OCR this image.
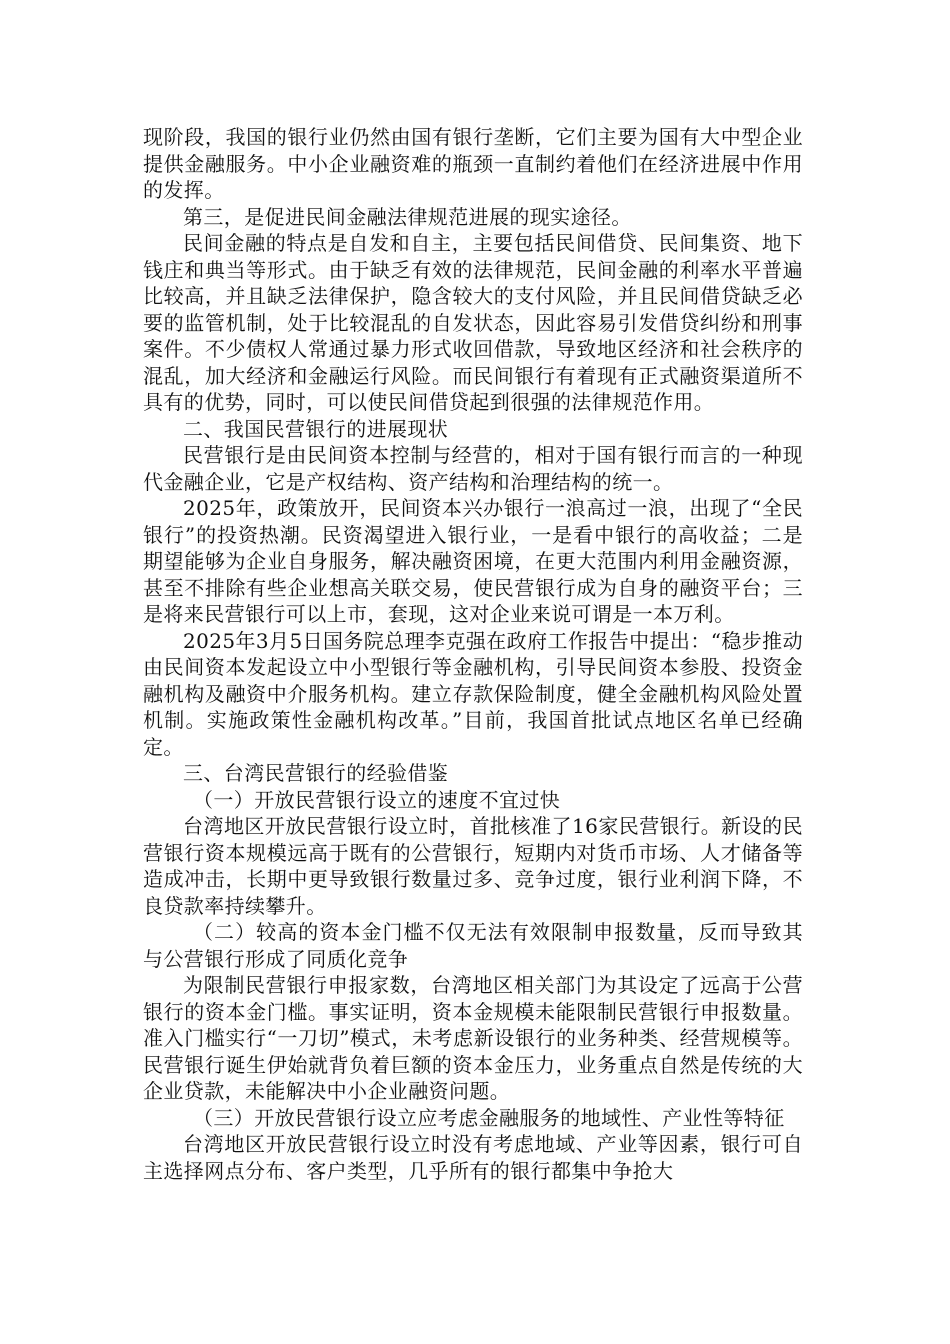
现阶段，我国的银行业仍然由国有银行垄断，它们主要为国有大中型企业提供金融服务。中小企业融资难的瓶颈一直制约着他们在经济进展中作用的发挥。

第三，是促进民间金融法律规范进展的现实途径。

民间金融的特点是自发和自主，主要包括民间借贷、民间集资、地下钱庄和典当等形式。由于缺乏有效的法律规范，民间金融的利率水平普遍比较高，并且缺乏法律保护，隐含较大的支付风险，并且民间借贷缺乏必要的监管机制，处于比较混乱的自发状态，因此容易引发借贷纠纷和刑事案件。不少债权人常通过暴力形式收回借款，导致地区经济和社会秩序的混乱，加大经济和金融运行风险。而民间银行有着现有正式融资渠道所不具有的优势，同时，可以使民间借贷起到很强的法律规范作用。

二、我国民营银行的进展现状

民营银行是由民间资本控制与经营的，相对于国有银行而言的一种现代金融企业，它是产权结构、资产结构和治理结构的统一。

2025年，政策放开，民间资本兴办银行一浪高过一浪，出现了“全民银行”的投资热潮。民资渴望进入银行业，一是看中银行的高收益；二是期望能够为企业自身服务，解决融资困境，在更大范围内利用金融资源，甚至不排除有些企业想高关联交易，使民营银行成为自身的融资平台；三是将来民营银行可以上市，套现，这对企业来说可谓是一本万利。

2025年3月5日国务院总理李克强在政府工作报告中提出：“稳步推动由民间资本发起设立中小型银行等金融机构，引导民间资本参股、投资金融机构及融资中介服务机构。建立存款保险制度，健全金融机构风险处置机制。实施政策性金融机构改革。”目前，我国首批试点地区名单已经确定。

三、台湾民营银行的经验借鉴

（一）开放民营银行设立的速度不宜过快

台湾地区开放民营银行设立时，首批核准了16家民营银行。新设的民营银行资本规模远高于既有的公营银行，短期内对货币市场、人才储备等造成冲击，长期中更导致银行数量过多、竞争过度，银行业利润下降，不良贷款率持续攀升。

（二）较高的资本金门槛不仅无法有效限制申报数量，反而导致其与公营银行形成了同质化竞争

为限制民营银行申报家数，台湾地区相关部门为其设定了远高于公营银行的资本金门槛。事实证明，资本金规模未能限制民营银行申报数量。准入门槛实行“一刀切”模式，未考虑新设银行的业务种类、经营规模等。民营银行诞生伊始就背负着巨额的资本金压力，业务重点自然是传统的大企业贷款，未能解决中小企业融资问题。

（三）开放民营银行设立应考虑金融服务的地域性、产业性等特征

台湾地区开放民营银行设立时没有考虑地域、产业等因素，银行可自主选择网点分布、客户类型，几乎所有的银行都集中争抢大
